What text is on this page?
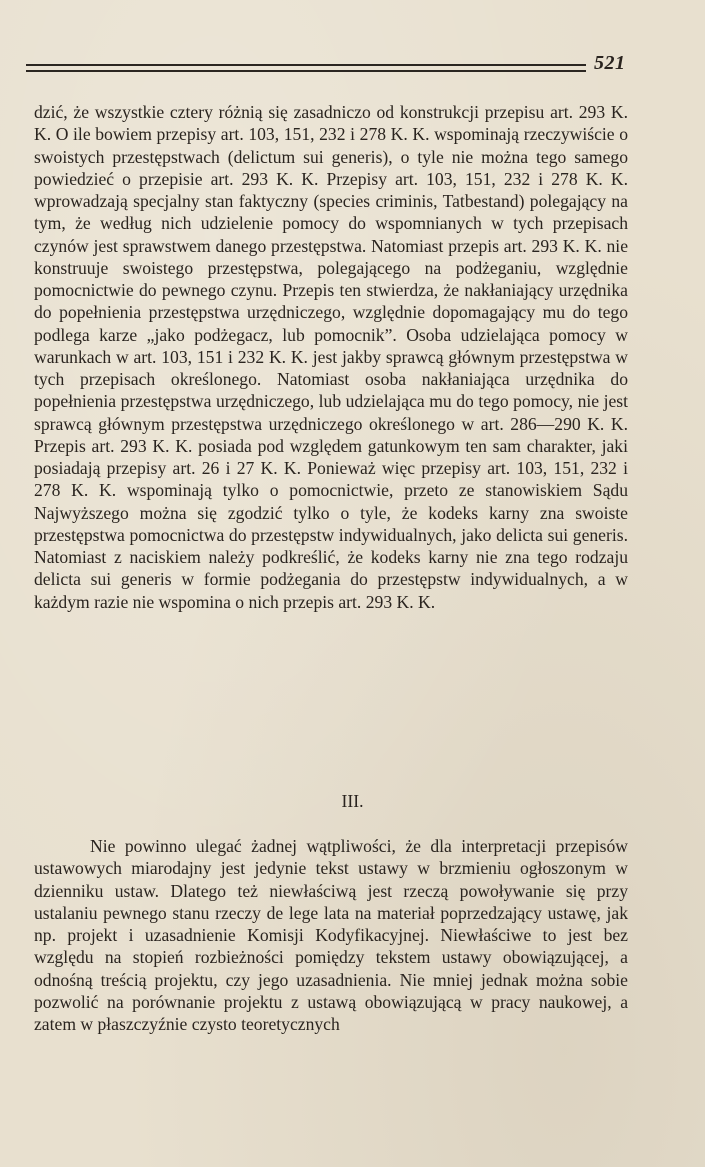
521

dzić, że wszystkie cztery różnią się zasadniczo od konstrukcji przepisu art. 293 K. K. O ile bowiem przepisy art. 103, 151, 232 i 278 K. K. wspominają rzeczywiście o swoistych przestępstwach (delictum sui generis), o tyle nie można tego samego powiedzieć o przepisie art. 293 K. K. Przepisy art. 103, 151, 232 i 278 K. K. wprowadzają specjalny stan faktyczny (species criminis, Tatbestand) polegający na tym, że według nich udzielenie pomocy do wspomnianych w tych przepisach czynów jest sprawstwem danego przestępstwa. Natomiast przepis art. 293 K. K. nie konstruuje swoistego przestępstwa, polegającego na podżeganiu, względnie pomocnictwie do pewnego czynu. Przepis ten stwierdza, że nakłaniający urzędnika do popełnienia przestępstwa urzędniczego, względnie dopomagający mu do tego podlega karze „jako podżegacz, lub pomocnik”. Osoba udzielająca pomocy w warunkach w art. 103, 151 i 232 K. K. jest jakby sprawcą głównym przestępstwa w tych przepisach określonego. Natomiast osoba nakłaniająca urzędnika do popełnienia przestępstwa urzędniczego, lub udzielająca mu do tego pomocy, nie jest sprawcą głównym przestępstwa urzędniczego określonego w art. 286—290 K. K. Przepis art. 293 K. K. posiada pod względem gatunkowym ten sam charakter, jaki posiadają przepisy art. 26 i 27 K. K. Ponieważ więc przepisy art. 103, 151, 232 i 278 K. K. wspominają tylko o pomocnictwie, przeto ze stanowiskiem Sądu Najwyższego można się zgodzić tylko o tyle, że kodeks karny zna swoiste przestępstwa pomocnictwa do przestępstw indywidualnych, jako delicta sui generis. Natomiast z naciskiem należy podkreślić, że kodeks karny nie zna tego rodzaju delicta sui generis w formie podżegania do przestępstw indywidualnych, a w każdym razie nie wspomina o nich przepis art. 293 K. K.

III.

Nie powinno ulegać żadnej wątpliwości, że dla interpretacji przepisów ustawowych miarodajny jest jedynie tekst ustawy w brzmieniu ogłoszonym w dzienniku ustaw. Dlatego też niewłaściwą jest rzeczą powoływanie się przy ustalaniu pewnego stanu rzeczy de lege lata na materiał poprzedzający ustawę, jak np. projekt i uzasadnienie Komisji Kodyfikacyjnej. Niewłaściwe to jest bez względu na stopień rozbieżności pomiędzy tekstem ustawy obowiązującej, a odnośną treścią projektu, czy jego uzasadnienia. Nie mniej jednak można sobie pozwolić na porównanie projektu z ustawą obowiązującą w pracy naukowej, a zatem w płaszczyźnie czysto teoretycznych
